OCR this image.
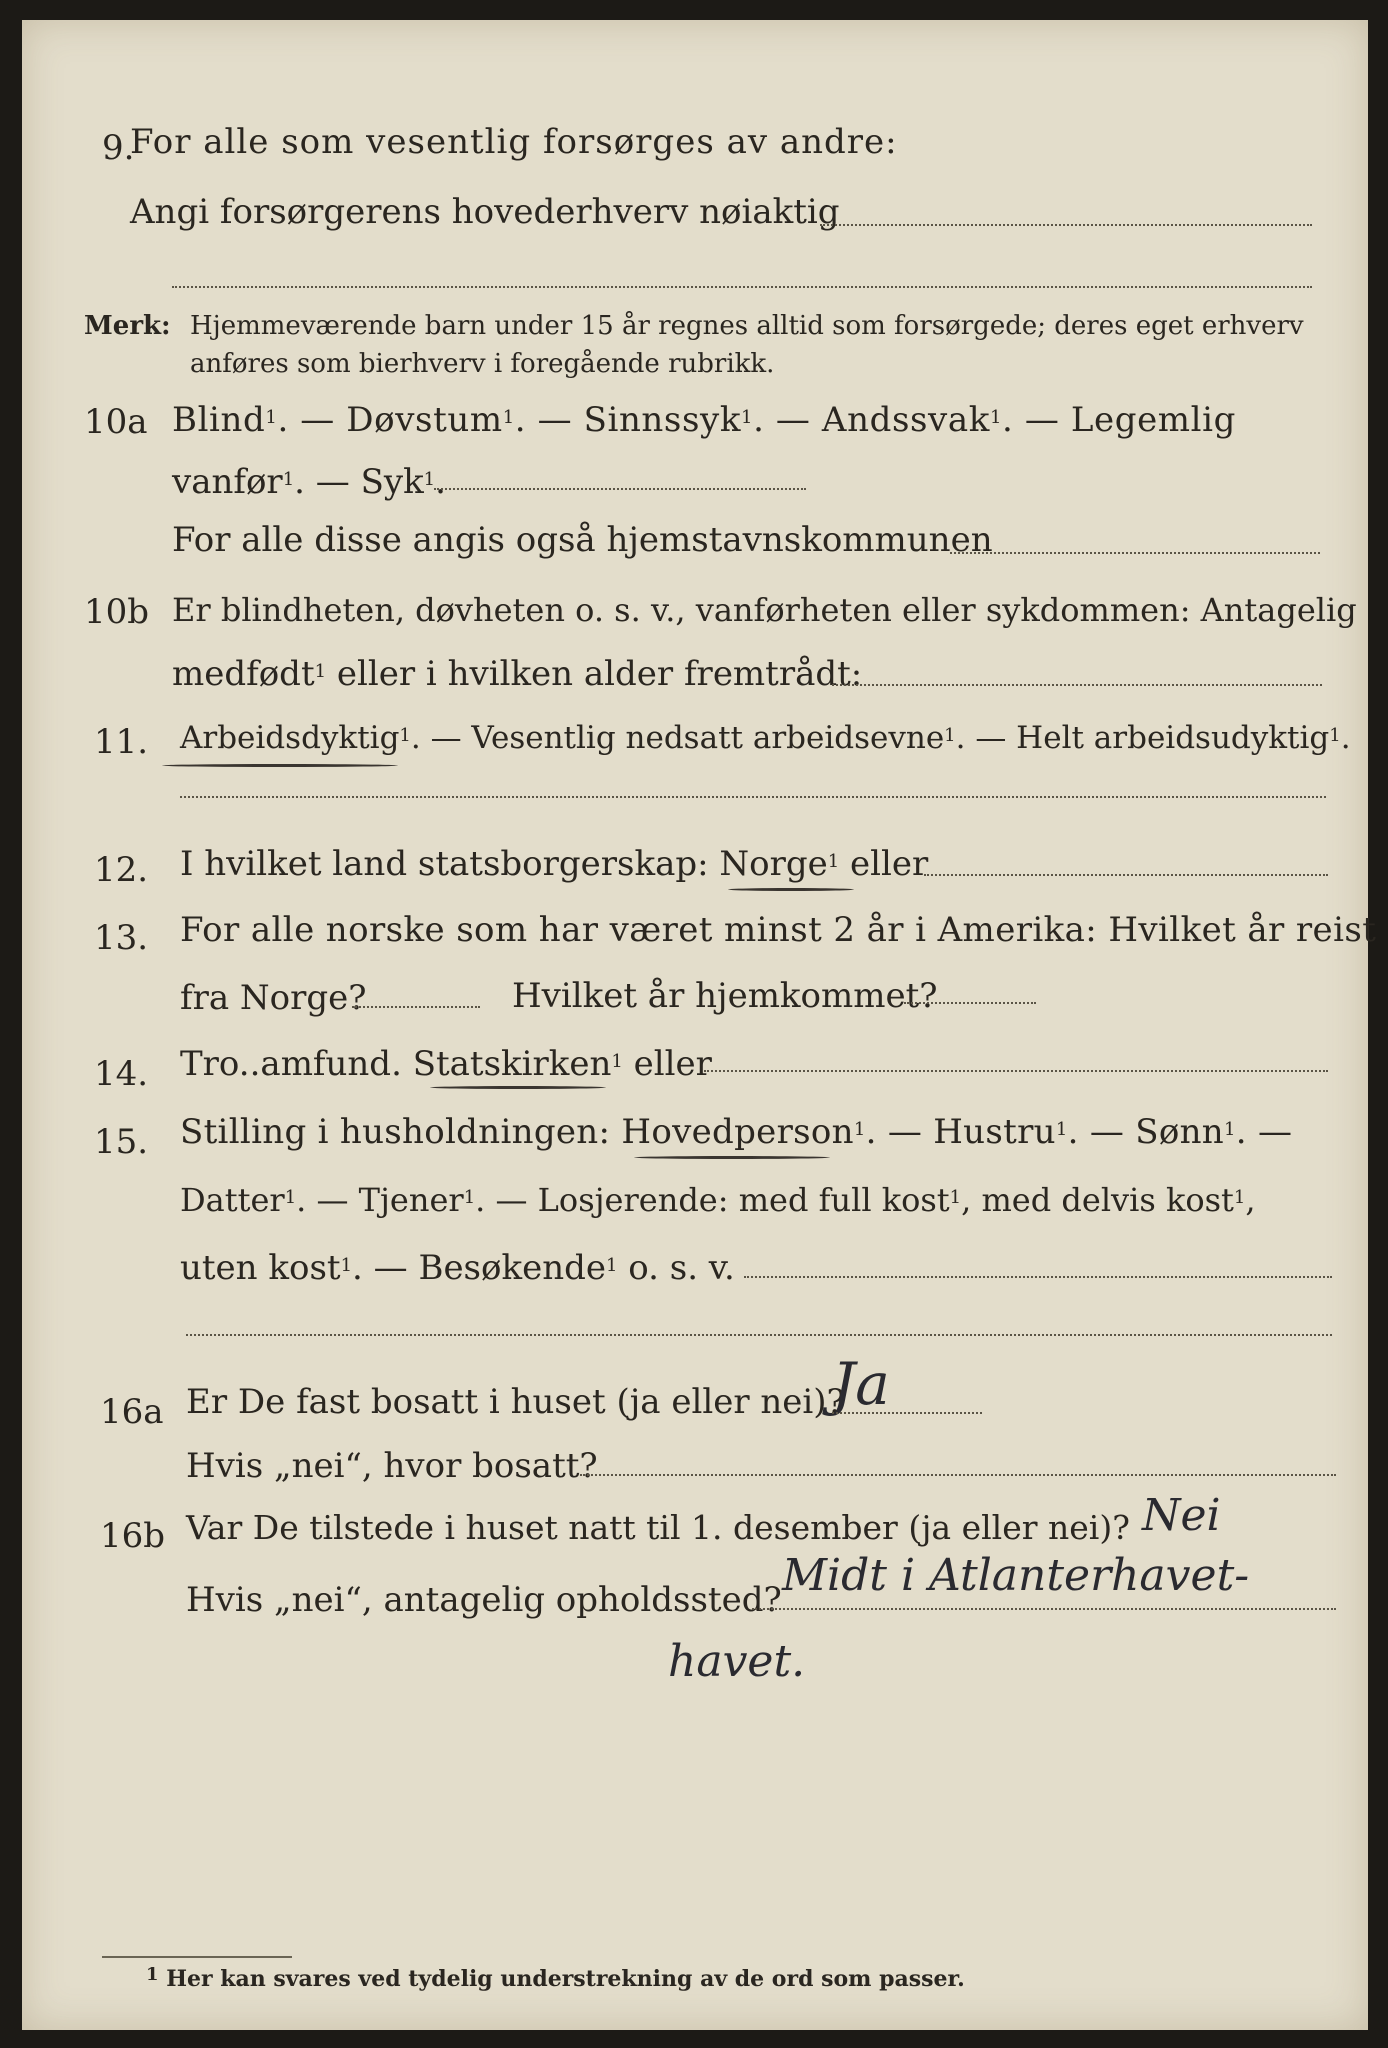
9.
For alle som vesentlig forsørges av andre:
Angi forsørgerens hovederhverv nøiaktig
Merk: Hjemmeværende barn under 15 år regnes alltid som forsørgede; deres eget erhverv
anføres som bierhverv i foregående rubrikk.
10a Blind$^1$. — Døvstum$^1$. — Sinnssyk$^1$. — Andssvak$^1$. — Legemlig
vanfør$^1$. — Syk$^1$.
For alle disse angis også hjemstavnskommunen
10b Er blindheten, døvheten o. s. v., vanførheten eller sykdommen: Antagelig
medfødt$^1$ eller i hvilken alder fremtrådt:
11. Arbeidsdyktig$^1$. — Vesentlig nedsatt arbeidsevne$^1$. — Helt arbeidsudyktig$^1$.
12. I hvilket land statsborgerskap: Norge$^1$ eller
13. For alle norske som har været minst 2 år i Amerika: Hvilket år reist
fra Norge?	Hvilket år hjemkommet?
14. Tro..amfund. Statskirken$^1$ eller
15. Stilling i husholdningen: Hovedperson$^1$. — Hustru$^1$. — Sønn$^1$. —
Datter$^1$. — Tjener$^1$. — Losjerende: med full kost$^1$, med delvis kost$^1$,
uten kost$^1$. — Besøkende$^1$ o. s. v.
16a Er De fast bosatt i huset (ja eller nei)?
Ja
Hvis „nei“, hvor bosatt?
16b Var De tilstede i huset natt til 1. desember (ja eller nei)? Nei
Hvis „nei“, antagelig opholdssted? Midt i Atlanterhavet-
havet.
$^1$ Her kan svares ved tydelig understrekning av de ord som passer.
